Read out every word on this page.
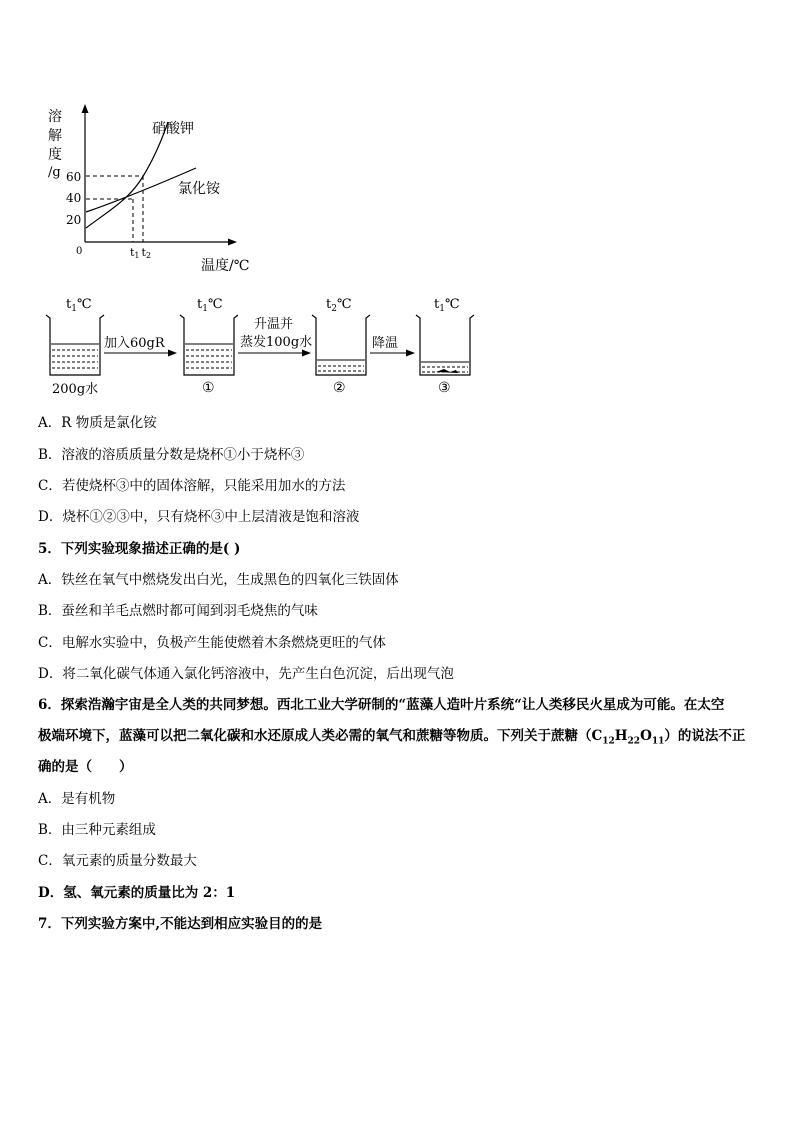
溶
解
度
/g 60
40
20
0	t1 t2
温度/℃
硝酸钾
氯化铵
$t_1℃$	$t_1℃$	$t_2℃$	$t_1℃$
200g水
加入60gR
①
升温并
蒸发100g水
②
降温
③
A．R 物质是氯化铵
B．溶液的溶质质量分数是烧杯①小于烧杯③
C．若使烧杯③中的固体溶解，只能采用加水的方法
D．烧杯①②③中，只有烧杯③中上层清液是饱和溶液
5．下列实验现象描述正确的是( )
A．铁丝在氧气中燃烧发出白光，生成黑色的四氧化三铁固体
B．蚕丝和羊毛点燃时都可闻到羽毛烧焦的气味
C．电解水实验中，负极产生能使燃着木条燃烧更旺的气体
D．将二氧化碳气体通入氯化钙溶液中，先产生白色沉淀，后出现气泡
6．探索浩瀚宇宙是全人类的共同梦想。西北工业大学研制的“蓝藻人造叶片系统“让人类移民火星成为可能。在太空
极端环境下，蓝藻可以把二氧化碳和水还原成人类必需的氧气和蔗糖等物质。下列关于蔗糖$(C_{12}H_{22}O_{11})$的说法不正
确的是（　　）
A．是有机物
B．由三种元素组成
C．氧元素的质量分数最大
D．氢、氧元素的质量比为 2：1
7．下列实验方案中,不能达到相应实验目的的是
